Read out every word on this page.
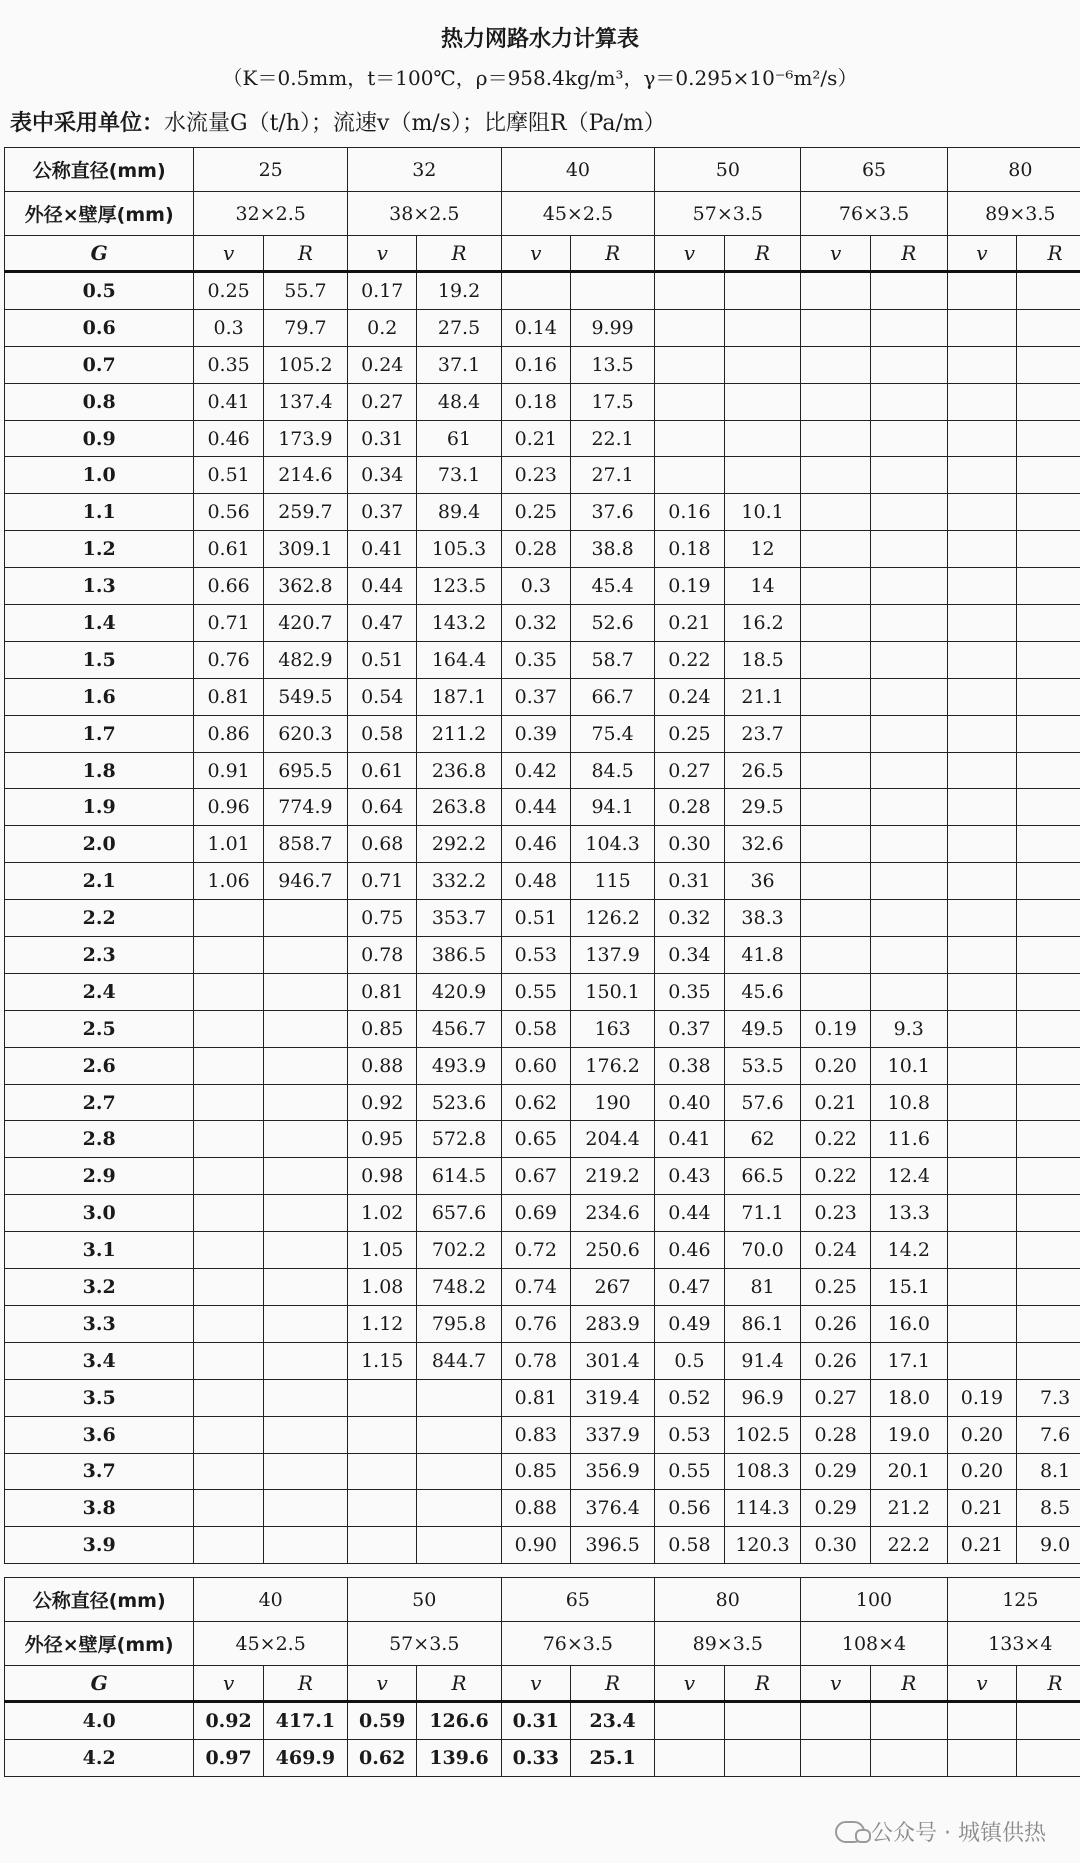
热力网路水力计算表
（K＝0.5mm，t＝100℃，ρ＝958.4kg/m³，γ＝0.295×10⁻⁶m²/s）
表中采用单位：水流量G（t/h）；流速v（m/s）；比摩阻R（Pa/m）
公称直径(mm)	25		32		40		50		65		80	
外径×壁厚(mm)	32×2.5		38×2.5		45×2.5		57×3.5		76×3.5		89×3.5	
G	v	R	v	R	v	R	v	R	v	R	v	R
0.5	0.25	55.7	0.17	19.2								
0.6	0.3	79.7	0.2	27.5	0.14	9.99						
0.7	0.35	105.2	0.24	37.1	0.16	13.5						
0.8	0.41	137.4	0.27	48.4	0.18	17.5						
0.9	0.46	173.9	0.31	61	0.21	22.1						
1.0	0.51	214.6	0.34	73.1	0.23	27.1						
1.1	0.56	259.7	0.37	89.4	0.25	37.6	0.16	10.1				
1.2	0.61	309.1	0.41	105.3	0.28	38.8	0.18	12				
1.3	0.66	362.8	0.44	123.5	0.3	45.4	0.19	14				
1.4	0.71	420.7	0.47	143.2	0.32	52.6	0.21	16.2				
1.5	0.76	482.9	0.51	164.4	0.35	58.7	0.22	18.5				
1.6	0.81	549.5	0.54	187.1	0.37	66.7	0.24	21.1				
1.7	0.86	620.3	0.58	211.2	0.39	75.4	0.25	23.7				
1.8	0.91	695.5	0.61	236.8	0.42	84.5	0.27	26.5				
1.9	0.96	774.9	0.64	263.8	0.44	94.1	0.28	29.5				
2.0	1.01	858.7	0.68	292.2	0.46	104.3	0.30	32.6				
2.1	1.06	946.7	0.71	332.2	0.48	115	0.31	36				
2.2			0.75	353.7	0.51	126.2	0.32	38.3				
2.3			0.78	386.5	0.53	137.9	0.34	41.8				
2.4			0.81	420.9	0.55	150.1	0.35	45.6				
2.5			0.85	456.7	0.58	163	0.37	49.5	0.19	9.3		
2.6			0.88	493.9	0.60	176.2	0.38	53.5	0.20	10.1		
2.7			0.92	523.6	0.62	190	0.40	57.6	0.21	10.8		
2.8			0.95	572.8	0.65	204.4	0.41	62	0.22	11.6		
2.9			0.98	614.5	0.67	219.2	0.43	66.5	0.22	12.4		
3.0			1.02	657.6	0.69	234.6	0.44	71.1	0.23	13.3		
3.1			1.05	702.2	0.72	250.6	0.46	70.0	0.24	14.2		
3.2			1.08	748.2	0.74	267	0.47	81	0.25	15.1		
3.3			1.12	795.8	0.76	283.9	0.49	86.1	0.26	16.0		
3.4			1.15	844.7	0.78	301.4	0.5	91.4	0.26	17.1		
3.5					0.81	319.4	0.52	96.9	0.27	18.0	0.19	7.3
3.6					0.83	337.9	0.53	102.5	0.28	19.0	0.20	7.6
3.7					0.85	356.9	0.55	108.3	0.29	20.1	0.20	8.1
3.8					0.88	376.4	0.56	114.3	0.29	21.2	0.21	8.5
3.9					0.90	396.5	0.58	120.3	0.30	22.2	0.21	9.0
公称直径(mm)	40		50		65		80		100		125	
外径×壁厚(mm)	45×2.5		57×3.5		76×3.5		89×3.5		108×4		133×4	
G	v	R	v	R	v	R	v	R	v	R	v	R
4.0	0.92	417.1	0.59	126.6	0.31	23.4						
4.2	0.97	469.9	0.62	139.6	0.33	25.1						
公众号 · 城镇供热
